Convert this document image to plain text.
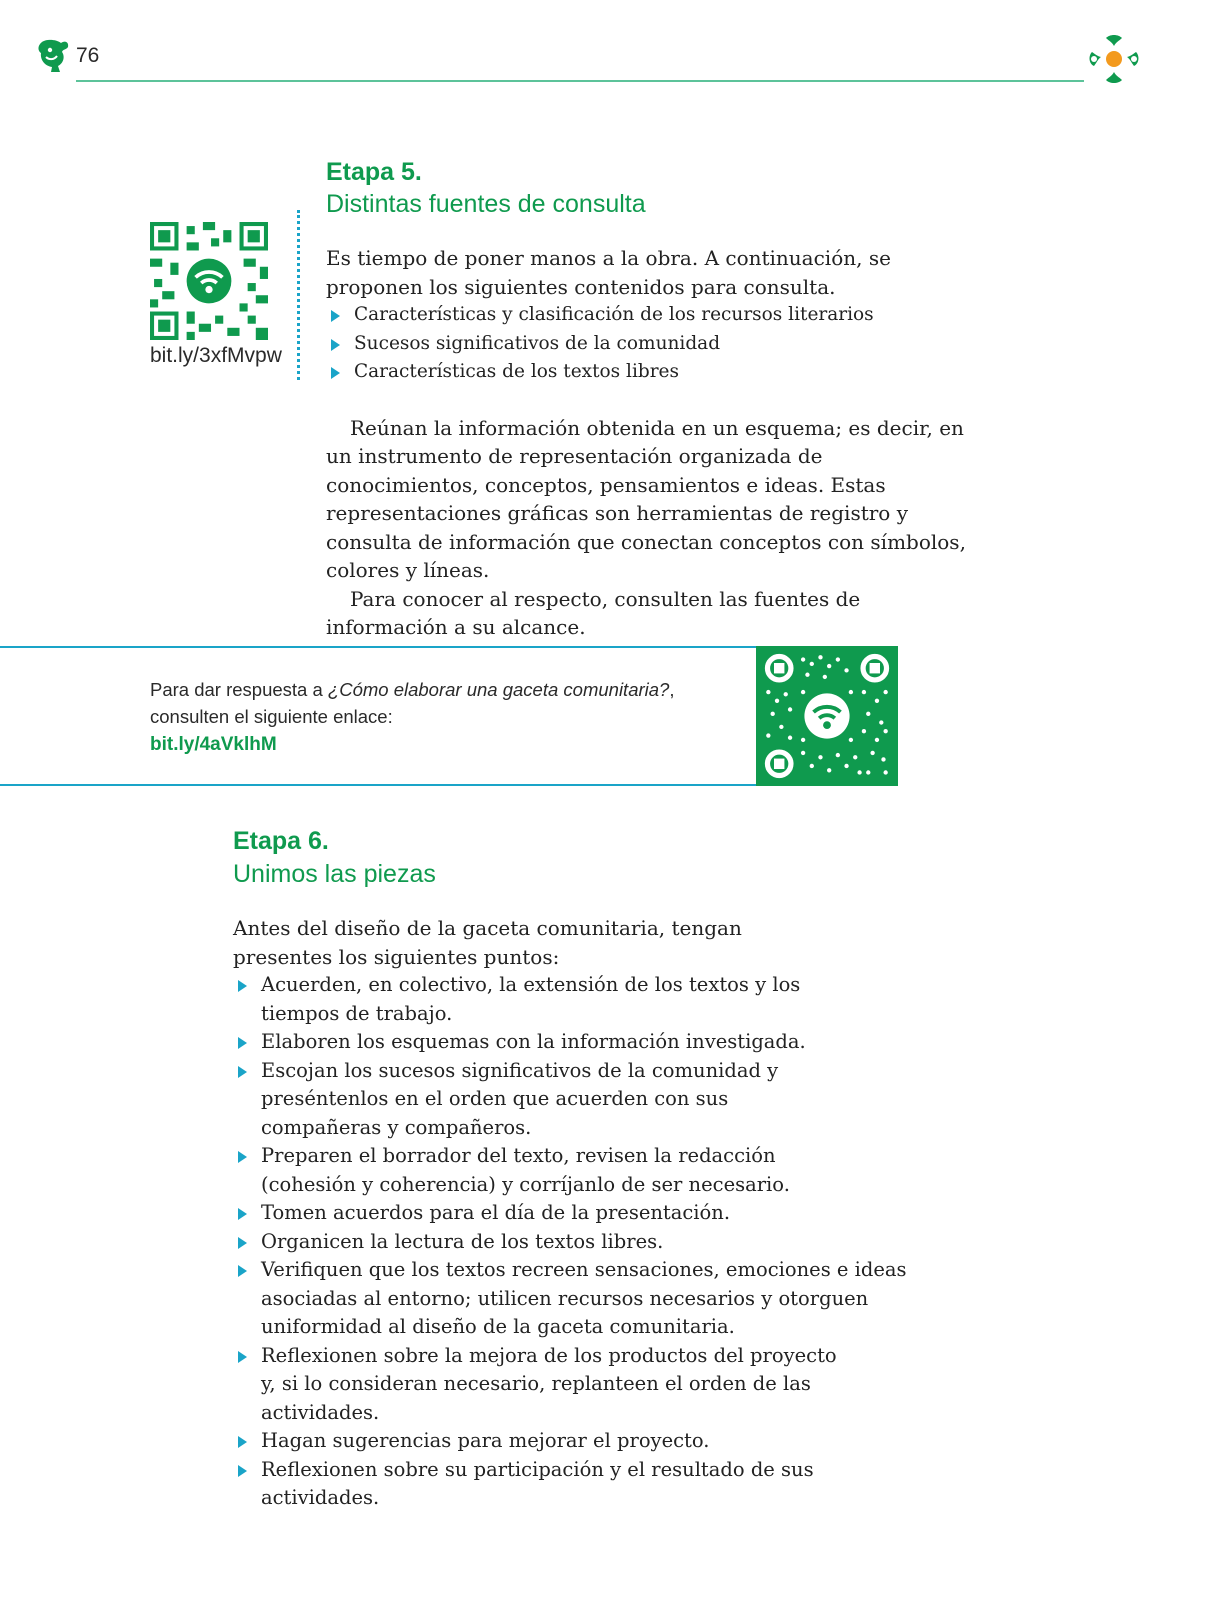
76
Etapa 5.
Distintas fuentes de consulta
bit.ly/3xfMvpw

Es tiempo de poner manos a la obra. A continuación, se proponen los siguientes contenidos para consulta.

Características y clasificación de los recursos literarios
Sucesos significativos de la comunidad
Características de los textos libres

Reúnan la información obtenida en un esquema; es decir, en un instrumento de representación organizada de conocimientos, conceptos, pensamientos e ideas. Estas representaciones gráficas son herramientas de registro y consulta de información que conectan conceptos con símbolos, colores y líneas.

Para conocer al respecto, consulten las fuentes de información a su alcance.

Para dar respuesta a ¿Cómo elaborar una gaceta comunitaria?, consulten el siguiente enlace:
bit.ly/4aVklhM
Etapa 6.
Unimos las piezas

Antes del diseño de la gaceta comunitaria, tengan presentes los siguientes puntos:

Acuerden, en colectivo, la extensión de los textos y los tiempos de trabajo.
Elaboren los esquemas con la información investigada.
Escojan los sucesos significativos de la comunidad y preséntenlos en el orden que acuerden con sus compañeras y compañeros.
Preparen el borrador del texto, revisen la redacción (cohesión y coherencia) y corríjanlo de ser necesario.
Tomen acuerdos para el día de la presentación.
Organicen la lectura de los textos libres.
Verifiquen que los textos recreen sensaciones, emociones e ideas asociadas al entorno; utilicen recursos necesarios y otorguen uniformidad al diseño de la gaceta comunitaria.
Reflexionen sobre la mejora de los productos del proyecto y, si lo consideran necesario, replanteen el orden de las actividades.
Hagan sugerencias para mejorar el proyecto.
Reflexionen sobre su participación y el resultado de sus actividades.
